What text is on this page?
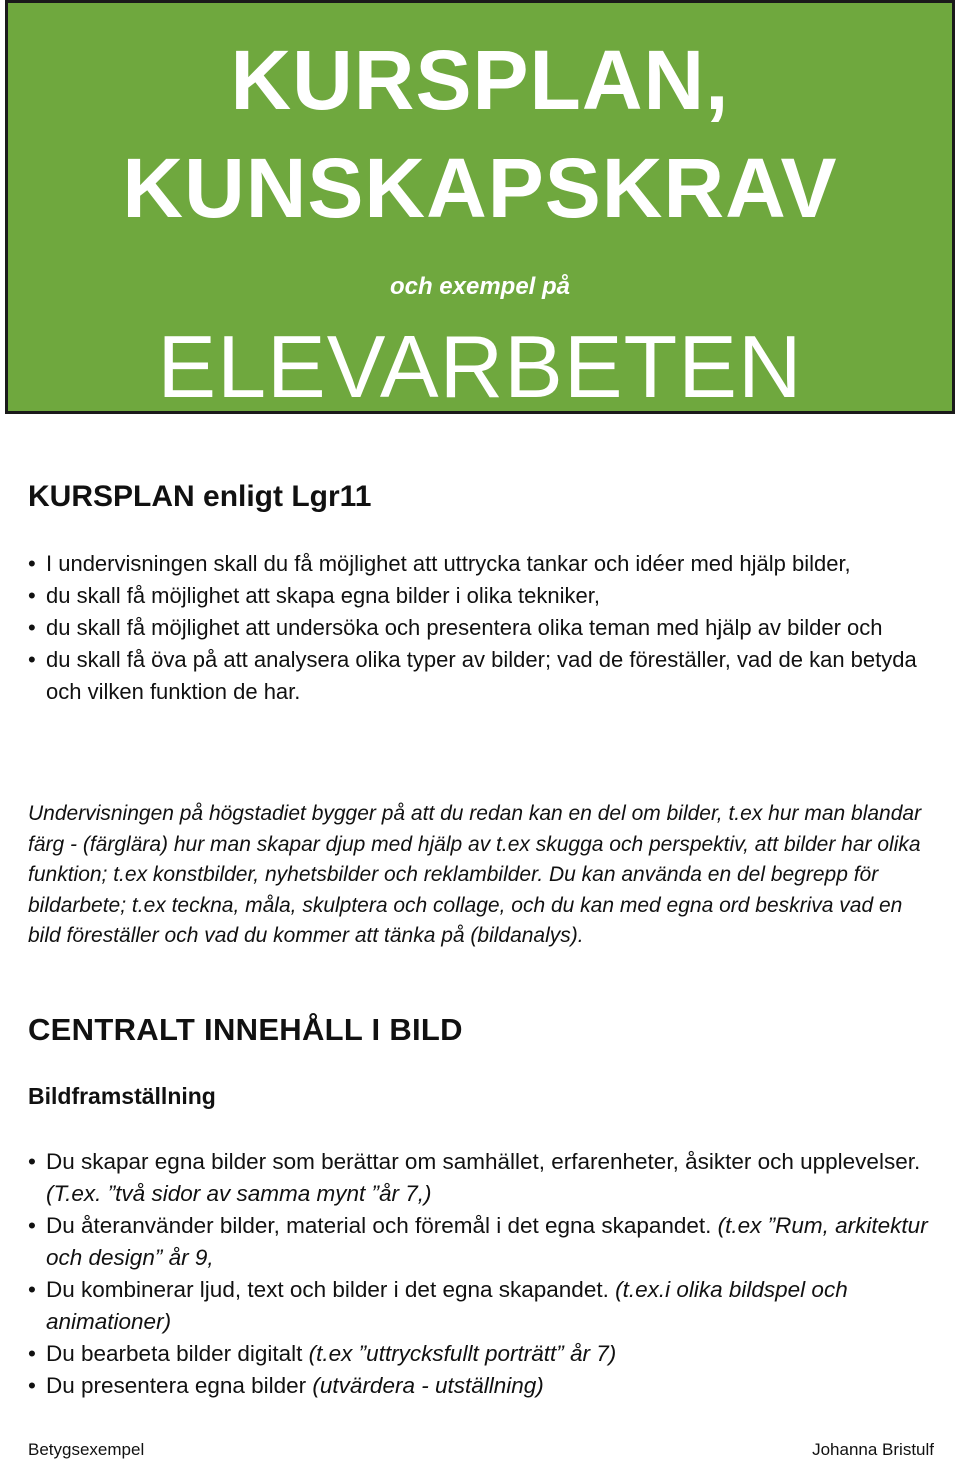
KURSPLAN,
KUNSKAPSKRAV
och exempel på
ELEVARBETEN
KURSPLAN enligt Lgr11
• I undervisningen skall du få möjlighet att uttrycka tankar och idéer med hjälp bilder,
• du skall få möjlighet att skapa egna bilder i olika tekniker,
• du skall få möjlighet att undersöka och presentera olika teman med hjälp av bilder och
• du skall få öva på att analysera olika typer av bilder; vad de föreställer, vad de kan betyda och vilken funktion de har.

Undervisningen på högstadiet bygger på att du redan kan en del om bilder, t.ex hur man blandar färg - (färglära) hur man skapar djup med hjälp av t.ex skugga och perspektiv, att bilder har olika funktion; t.ex konstbilder, nyhetsbilder och reklambilder. Du kan använda en del begrepp för bildarbete; t.ex teckna, måla, skulptera och collage, och du kan med egna ord beskriva vad en bild föreställer och vad du kommer att tänka på (bildanalys).

CENTRALT INNEHÅLL I BILD
Bildframställning
• Du skapar egna bilder som berättar om samhället, erfarenheter, åsikter och upplevelser. (T.ex. ”två sidor av samma mynt ”år 7,)
• Du återanvänder bilder, material och föremål i det egna skapandet. (t.ex ”Rum, arkitektur och design” år 9,
• Du kombinerar ljud, text och bilder i det egna skapandet. (t.ex.i olika bildspel och animationer)
• Du bearbeta bilder digitalt (t.ex ”uttrycksfullt porträtt” år 7)
• Du presentera egna bilder (utvärdera - utställning)
Betygsexempel	Johanna Bristulf
